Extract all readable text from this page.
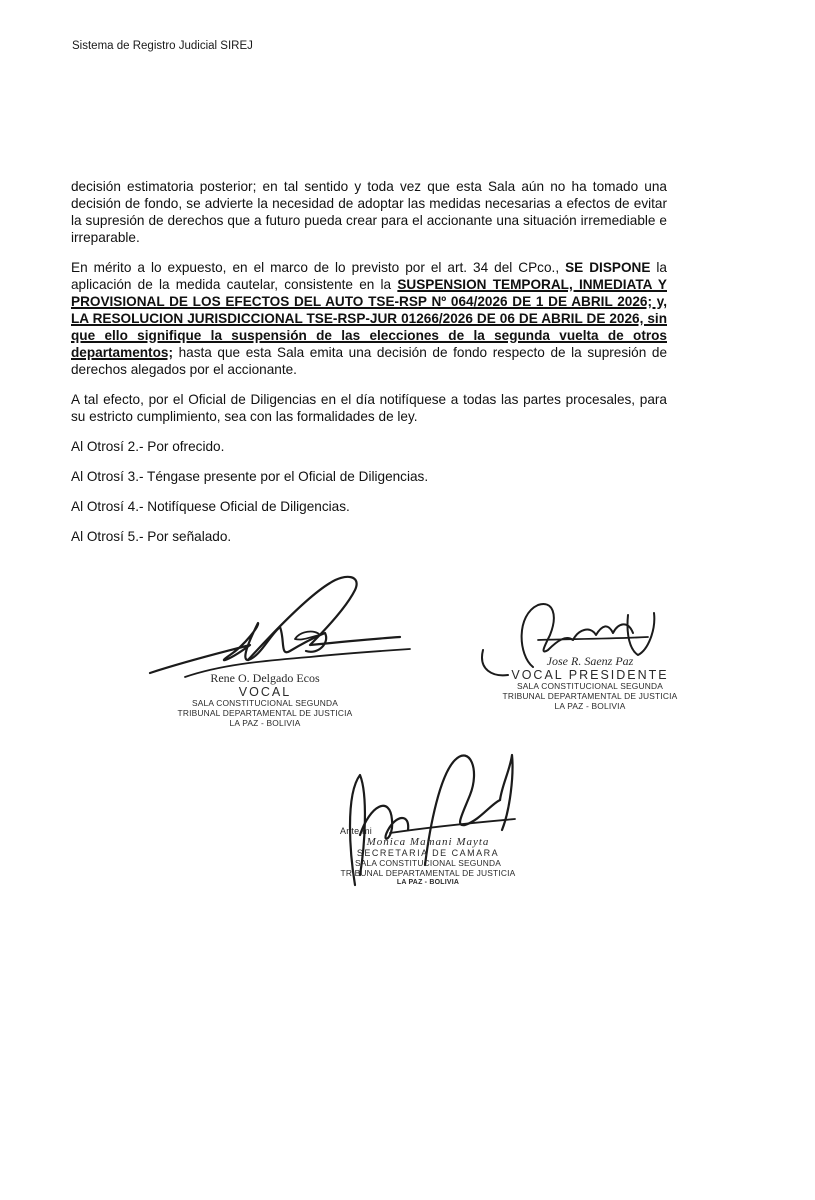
Sistema de Registro Judicial SIREJ

decisión estimatoria posterior; en tal sentido y toda vez que esta Sala aún no ha tomado una decisión de fondo, se advierte la necesidad de adoptar las medidas necesarias a efectos de evitar la supresión de derechos que a futuro pueda crear para el accionante una situación irremediable e irreparable.

En mérito a lo expuesto, en el marco de lo previsto por el art. 34 del CPco., SE DISPONE la aplicación de la medida cautelar, consistente en la SUSPENSION TEMPORAL, INMEDIATA Y PROVISIONAL DE LOS EFECTOS DEL AUTO TSE-RSP Nº 064/2026 DE 1 DE ABRIL 2026; y, LA RESOLUCION JURISDICCIONAL TSE-RSP-JUR 01266/2026 DE 06 DE ABRIL DE 2026, sin que ello signifique la suspensión de las elecciones de la segunda vuelta de otros departamentos; hasta que esta Sala emita una decisión de fondo respecto de la supresión de derechos alegados por el accionante.

A tal efecto, por el Oficial de Diligencias en el día notifíquese a todas las partes procesales, para su estricto cumplimiento, sea con las formalidades de ley.

Al Otrosí 2.- Por ofrecido.

Al Otrosí 3.- Téngase presente por el Oficial de Diligencias.

Al Otrosí 4.- Notifíquese Oficial de Diligencias.

Al Otrosí 5.- Por señalado.

Rene O. Delgado Ecos
VOCAL
SALA CONSTITUCIONAL SEGUNDA
TRIBUNAL DEPARTAMENTAL DE JUSTICIA
LA PAZ - BOLIVIA
Jose R. Saenz Paz
VOCAL PRESIDENTE
SALA CONSTITUCIONAL SEGUNDA
TRIBUNAL DEPARTAMENTAL DE JUSTICIA
LA PAZ - BOLIVIA
Ante mi
Monica Mamani Mayta
SECRETARIA DE CAMARA
SALA CONSTITUCIONAL SEGUNDA
TRIBUNAL DEPARTAMENTAL DE JUSTICIA
LA PAZ - BOLIVIA
